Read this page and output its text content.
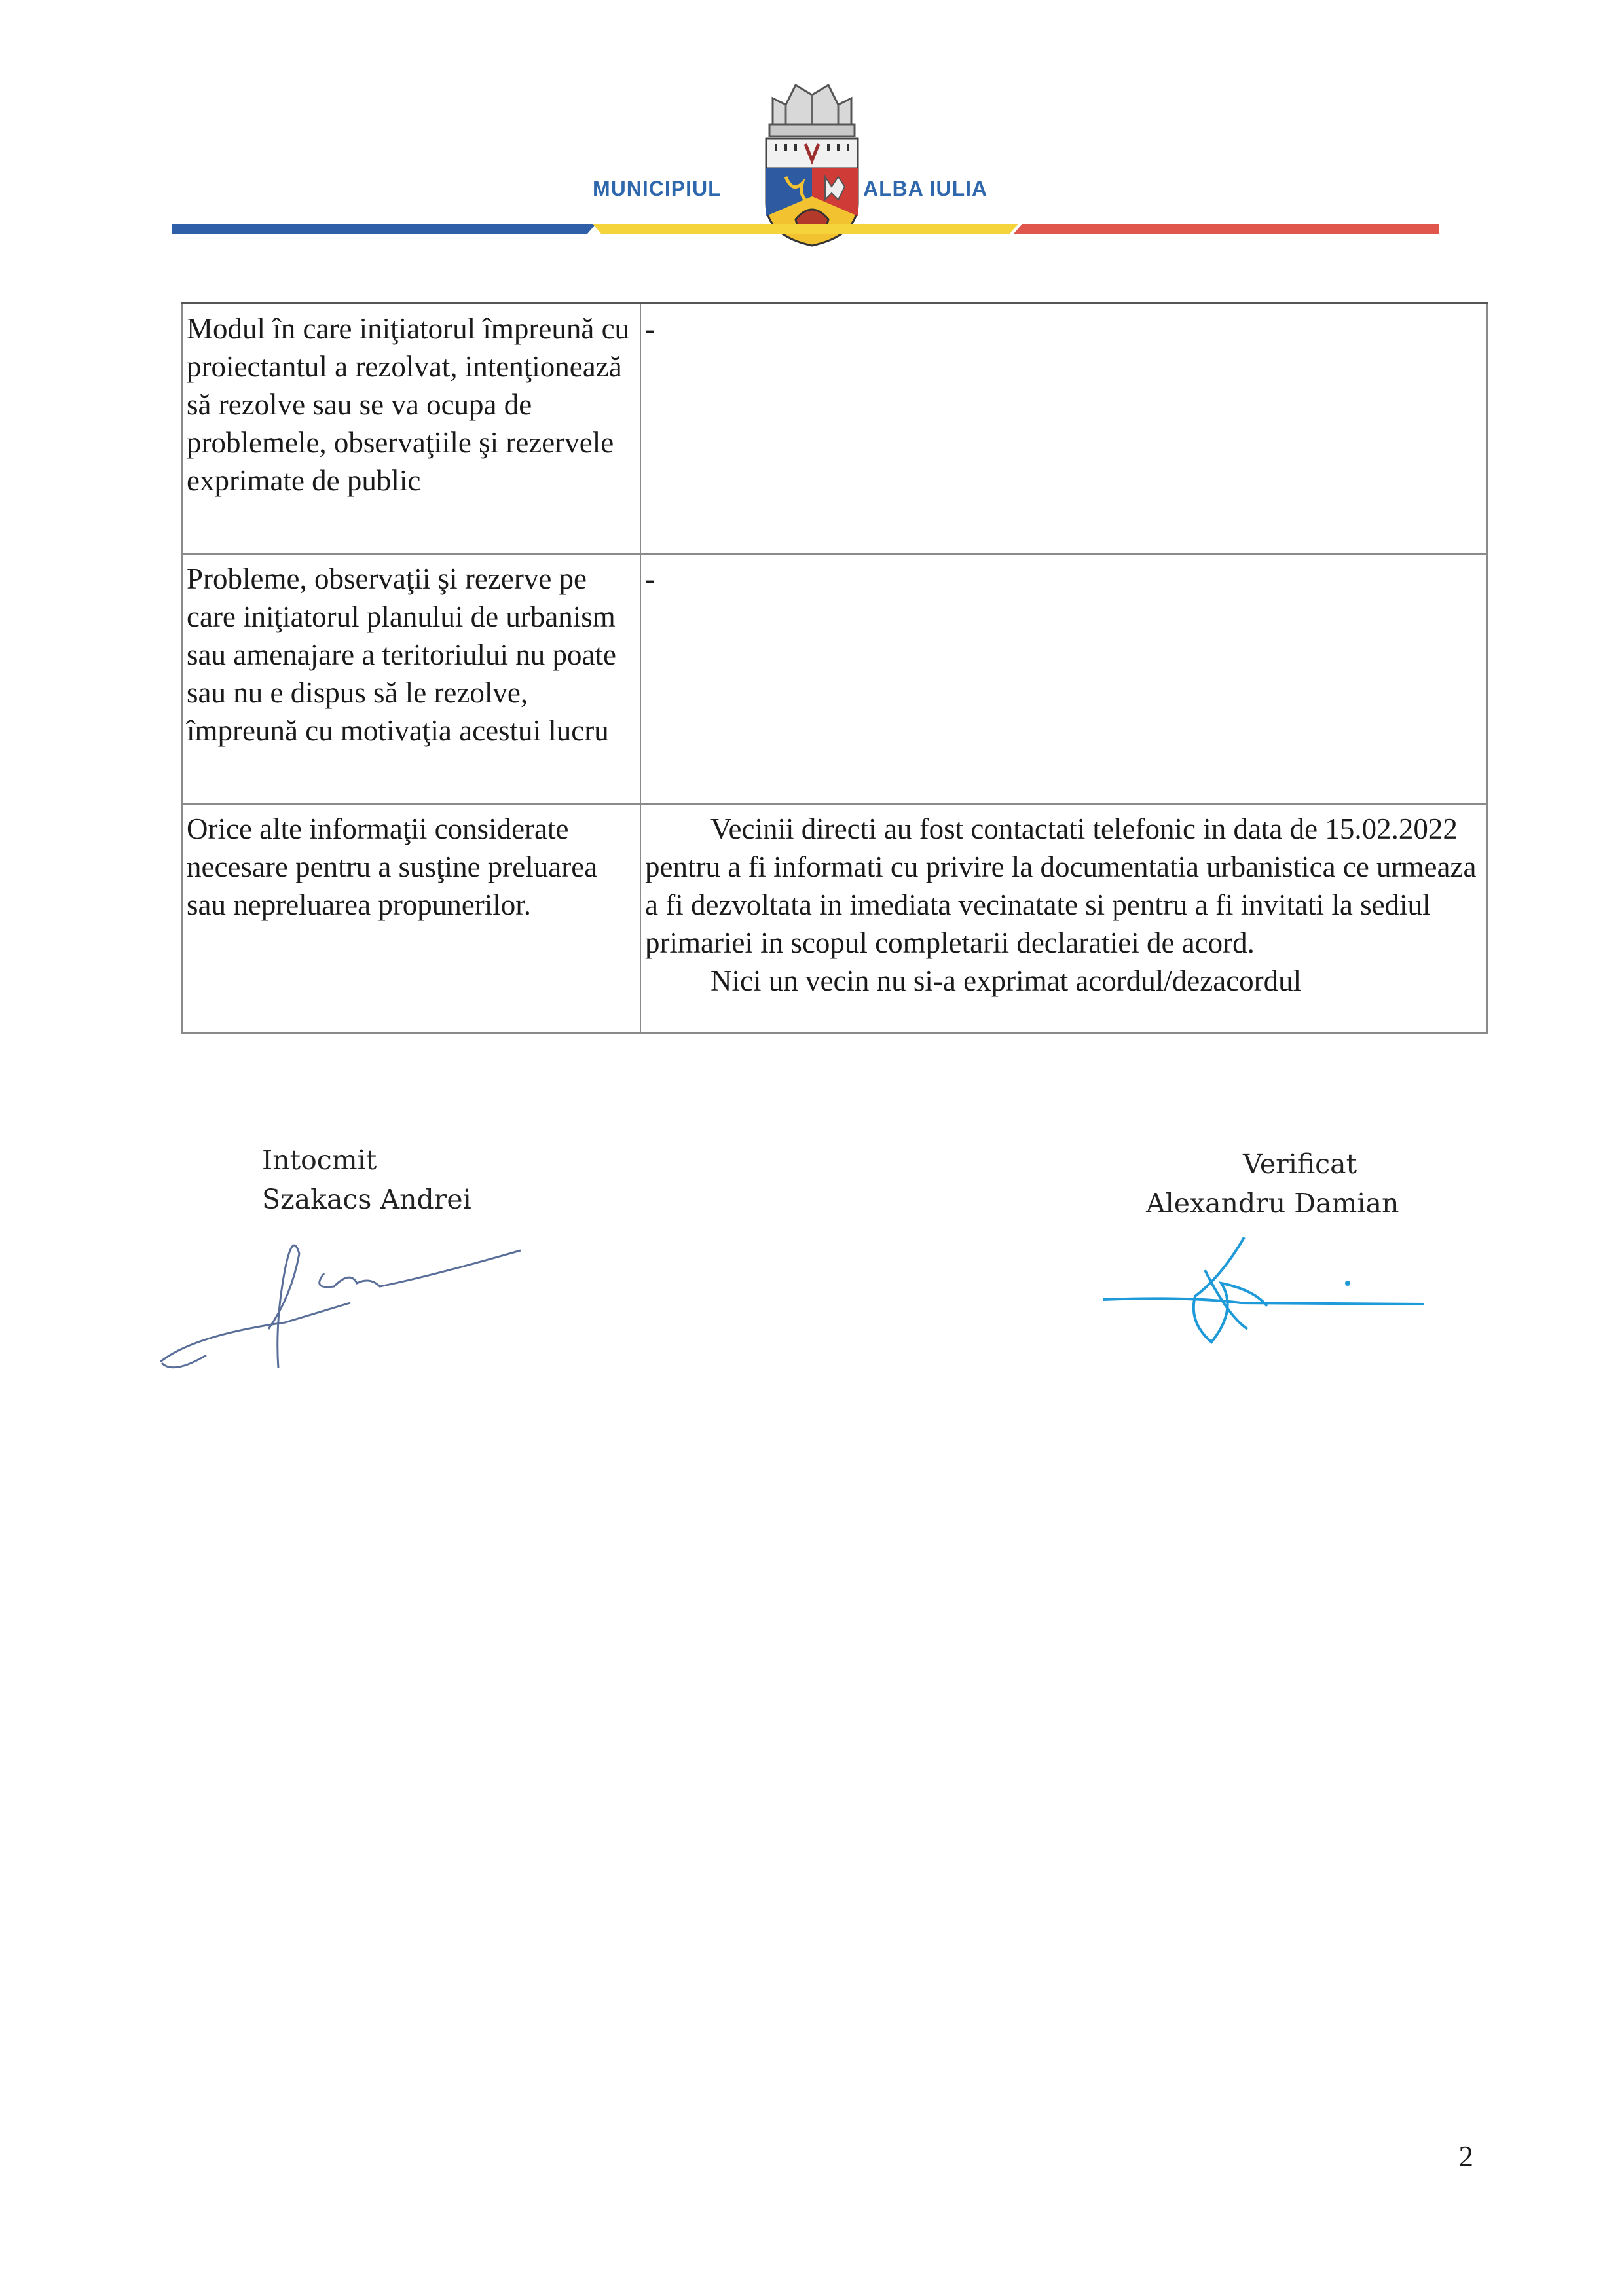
MUNICIPIUL	ALBA IULIA
Modul în care iniţiatorul împreună cu proiectantul a rezolvat, intenţionează să rezolve sau se va ocupa de problemele, observaţiile şi rezervele exprimate de public	-
Probleme, observaţii şi rezerve pe care iniţiatorul planului de urbanism sau amenajare a teritoriului nu poate sau nu e dispus să le rezolve, împreună cu motivaţia acestui lucru	-
Orice alte informaţii considerate necesare pentru a susţine preluarea sau nepreluarea propunerilor.	Vecinii directi au fost contactati telefonic in data de 15.02.2022 pentru a fi informati cu privire la documentatia urbanistica ce urmeaza a fi dezvoltata in imediata vecinatate si pentru a fi invitati la sediul primariei in scopul completarii declaratiei de acord.
Nici un vecin nu si-a exprimat acordul/dezacordul
Intocmit
Szakacs Andrei
Verificat
Alexandru Damian
2
